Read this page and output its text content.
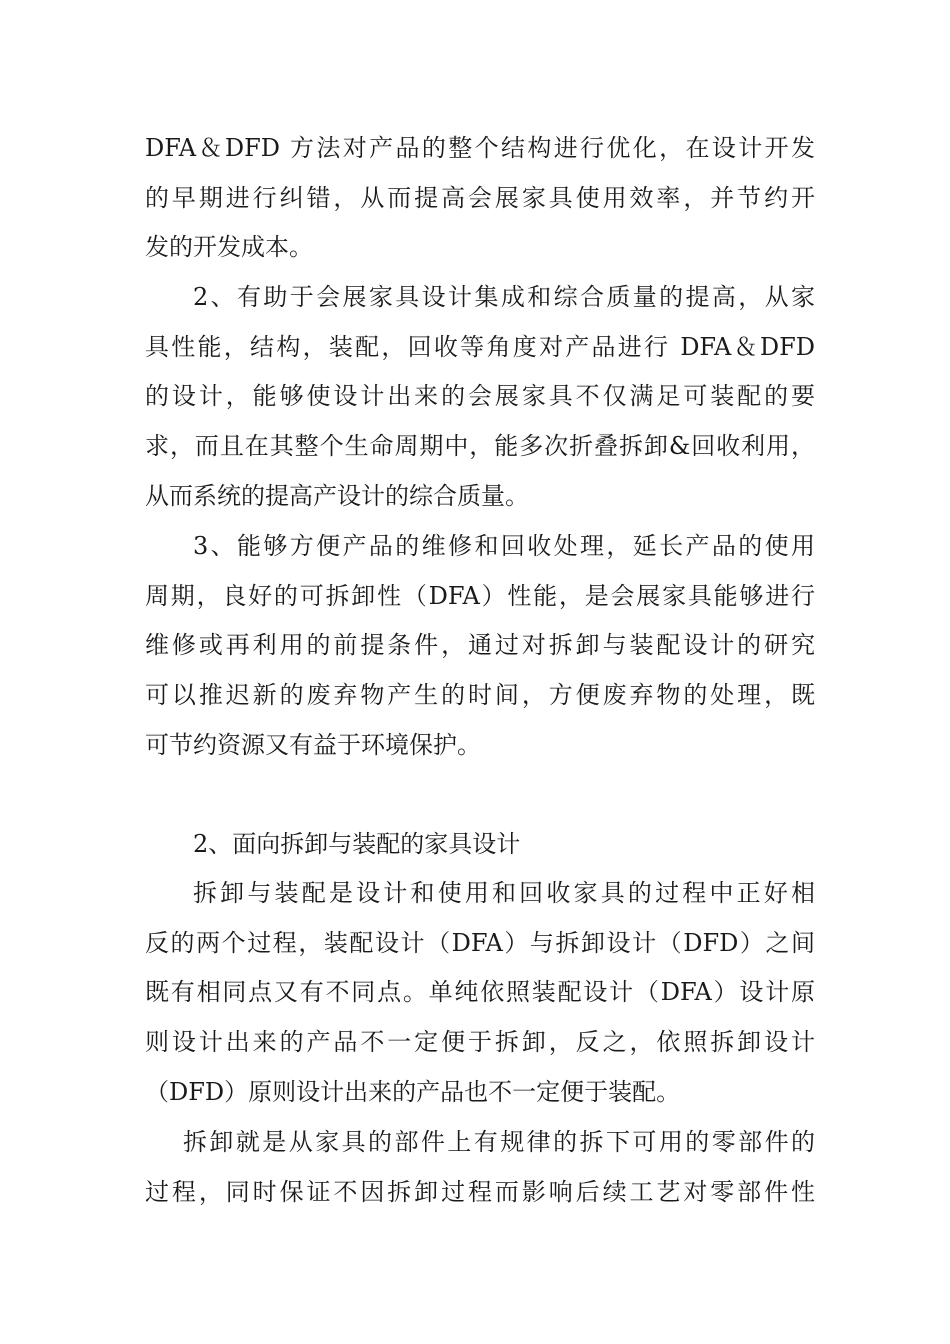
DFA＆DFD 方法对产品的整个结构进行优化，在设计开发
的早期进行纠错，从而提高会展家具使用效率，并节约开
发的开发成本。
2、有助于会展家具设计集成和综合质量的提高，从家
具性能，结构，装配，回收等角度对产品进行 DFA＆DFD
的设计，能够使设计出来的会展家具不仅满足可装配的要
求，而且在其整个生命周期中，能多次折叠拆卸&回收利用，
从而系统的提高产设计的综合质量。
3、能够方便产品的维修和回收处理，延长产品的使用
周期，良好的可拆卸性（DFA）性能，是会展家具能够进行
维修或再利用的前提条件，通过对拆卸与装配设计的研究
可以推迟新的废弃物产生的时间，方便废弃物的处理，既
可节约资源又有益于环境保护。
2、面向拆卸与装配的家具设计
拆卸与装配是设计和使用和回收家具的过程中正好相
反的两个过程，装配设计（DFA）与拆卸设计（DFD）之间
既有相同点又有不同点。单纯依照装配设计（DFA）设计原
则设计出来的产品不一定便于拆卸，反之，依照拆卸设计
（DFD）原则设计出来的产品也不一定便于装配。
拆卸就是从家具的部件上有规律的拆下可用的零部件的
过程，同时保证不因拆卸过程而影响后续工艺对零部件性
